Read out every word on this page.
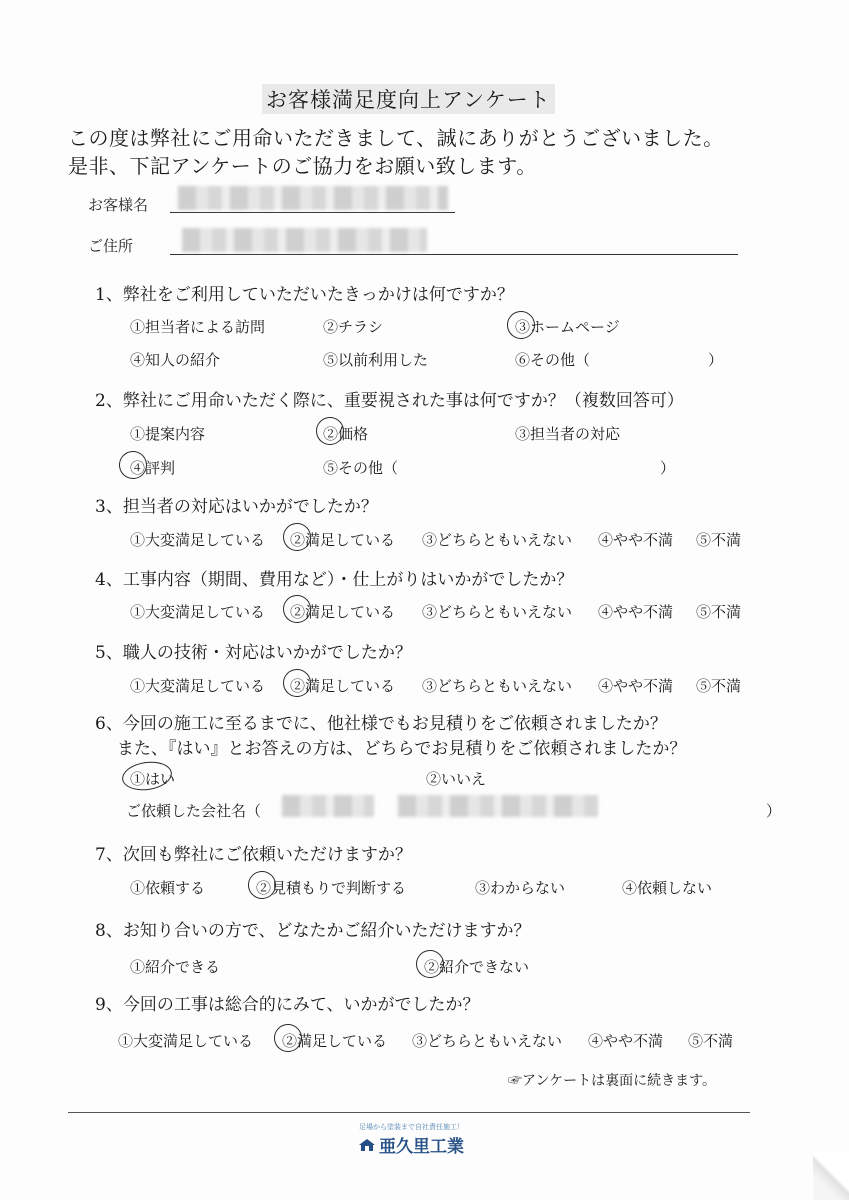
お客様満足度向上アンケート
この度は弊社にご用命いただきまして、誠にありがとうございました。
是非、下記アンケートのご協力をお願い致します。
お客様名
ご住所
1、弊社をご利用していただいたきっかけは何ですか？
①担当者による訪問	②チラシ	③ホームページ
④知人の紹介	⑤以前利用した	⑥その他（	）
2、弊社にご用命いただく際に、重要視された事は何ですか？（複数回答可）
①提案内容	②価格	③担当者の対応
④評判	⑤その他（	）
3、担当者の対応はいかがでしたか？
①大変満足している ②満足している ③どちらともいえない ④やや不満 ⑤不満
4、工事内容（期間、費用など）・仕上がりはいかがでしたか？
①大変満足している ②満足している ③どちらともいえない ④やや不満 ⑤不満
5、職人の技術・対応はいかがでしたか？
①大変満足している ②満足している ③どちらともいえない ④やや不満 ⑤不満
6、今回の施工に至るまでに、他社様でもお見積りをご依頼されましたか？
また、『はい』とお答えの方は、どちらでお見積りをご依頼されましたか？
①はい	②いいえ
ご依頼した会社名（	）
7、次回も弊社にご依頼いただけますか？
①依頼する	②見積もりで判断する	③わからない	④依頼しない
8、お知り合いの方で、どなたかご紹介いただけますか？
①紹介できる	②紹介できない
9、今回の工事は総合的にみて、いかがでしたか？
①大変満足している ②満足している ③どちらともいえない ④やや不満 ⑤不満
☞アンケートは裏面に続きます。
足場から塗装まで自社責任施工！
亜久里工業
